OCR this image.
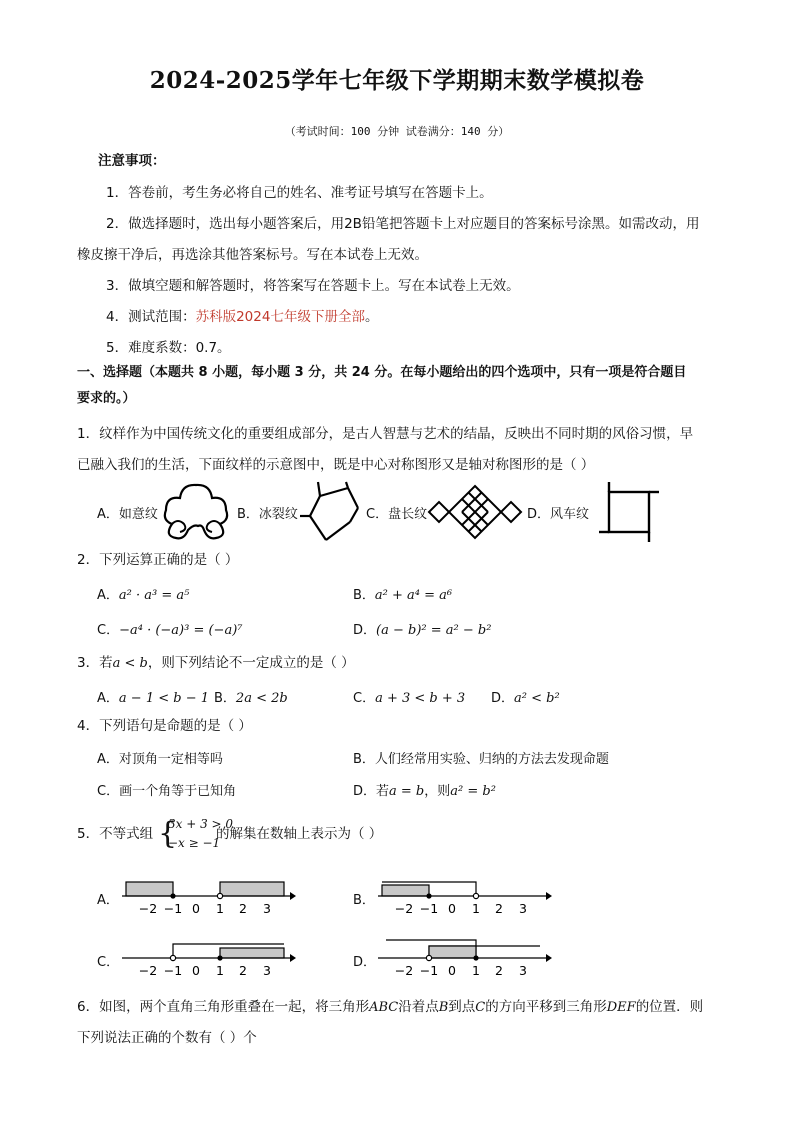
2024-2025学年七年级下学期期末数学模拟卷
（考试时间：100 分钟 试卷满分：140 分）
注意事项：
1．答卷前，考生务必将自己的姓名、准考证号填写在答题卡上。
2．做选择题时，选出每小题答案后，用2B铅笔把答题卡上对应题目的答案标号涂黑。如需改动，用
橡皮擦干净后，再选涂其他答案标号。写在本试卷上无效。
3．做填空题和解答题时，将答案写在答题卡上。写在本试卷上无效。
4．测试范围：苏科版2024七年级下册全部。
5．难度系数：0.7。
一、选择题（本题共 8 小题，每小题 3 分，共 24 分。在每小题给出的四个选项中，只有一项是符合题目
要求的。）
1．纹样作为中国传统文化的重要组成部分，是古人智慧与艺术的结晶，反映出不同时期的风俗习惯，早
已融入我们的生活，下面纹样的示意图中，既是中心对称图形又是轴对称图形的是（ ）
A．如意纹	B．冰裂纹	C．盘长纹	D．风车纹
2．下列运算正确的是（ ）
A．a² · a³ = a⁵	B．a² + a⁴ = a⁶
C．−a⁴ · (−a)³ = (−a)⁷	D．(a − b)² = a² − b²
3．若a < b，则下列结论不一定成立的是（ ）
A．a − 1 < b − 1 B．2a < 2b	C．a + 3 < b + 3 D．a² < b²
4．下列语句是命题的是（ ）
A．对顶角一定相等吗	B．人们经常用实验、归纳的方法去发现命题
C．画一个角等于已知角	D．若a = b，则a² = b²
5．不等式组 {
3x + 3 > 0
−x ≥ −1
的解集在数轴上表示为（ ）
A．
−2 −1 0 1 2 3
B．
−2 −1 0 1 2 3
C．
−2 −1 0 1 2 3
D．
−2 −1 0 1 2 3
6．如图，两个直角三角形重叠在一起，将三角形ABC沿着点B到点C的方向平移到三角形DEF的位置．则
下列说法正确的个数有（ ）个
